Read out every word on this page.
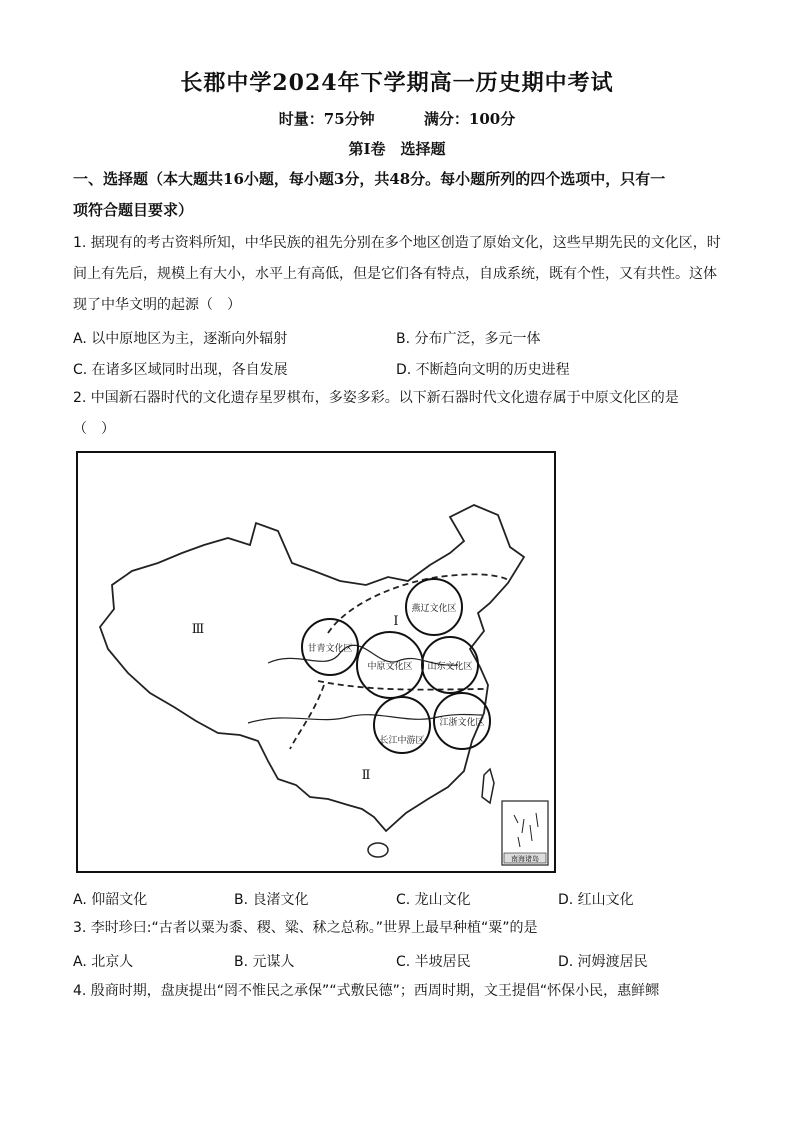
长郡中学2024年下学期高一历史期中考试
时量：75分钟	满分：100分
第Ⅰ卷　选择题
一、选择题（本大题共16小题，每小题3分，共48分。每小题所列的四个选项中，只有一
项符合题目要求）
1. 据现有的考古资料所知，中华民族的祖先分别在多个地区创造了原始文化，这些早期先民的文化区，时
间上有先后，规模上有大小，水平上有高低，但是它们各有特点，自成系统，既有个性，又有共性。这体
现了中华文明的起源（　）
A. 以中原地区为主，逐渐向外辐射	B. 分布广泛，多元一体
C. 在诸多区域同时出现，各自发展	D. 不断趋向文明的历史进程
2. 中国新石器时代的文化遗存星罗棋布，多姿多彩。以下新石器时代文化遗存属于中原文化区的是
（　）
燕辽文化区
甘青文化区
中原文化区 山东文化区
长江中游区
江浙文化区
Ⅰ
Ⅱ
Ⅲ
南海诸岛
A. 仰韶文化	B. 良渚文化	C. 龙山文化	D. 红山文化
3. 李时珍曰:“古者以粟为黍、稷、粱、秫之总称。”世界上最早种植“粟”的是
A. 北京人	B. 元谋人	C. 半坡居民	D. 河姆渡居民
4. 殷商时期，盘庚提出“罔不惟民之承保”“式敷民德”；西周时期，文王提倡“怀保小民，惠鲜鳏
